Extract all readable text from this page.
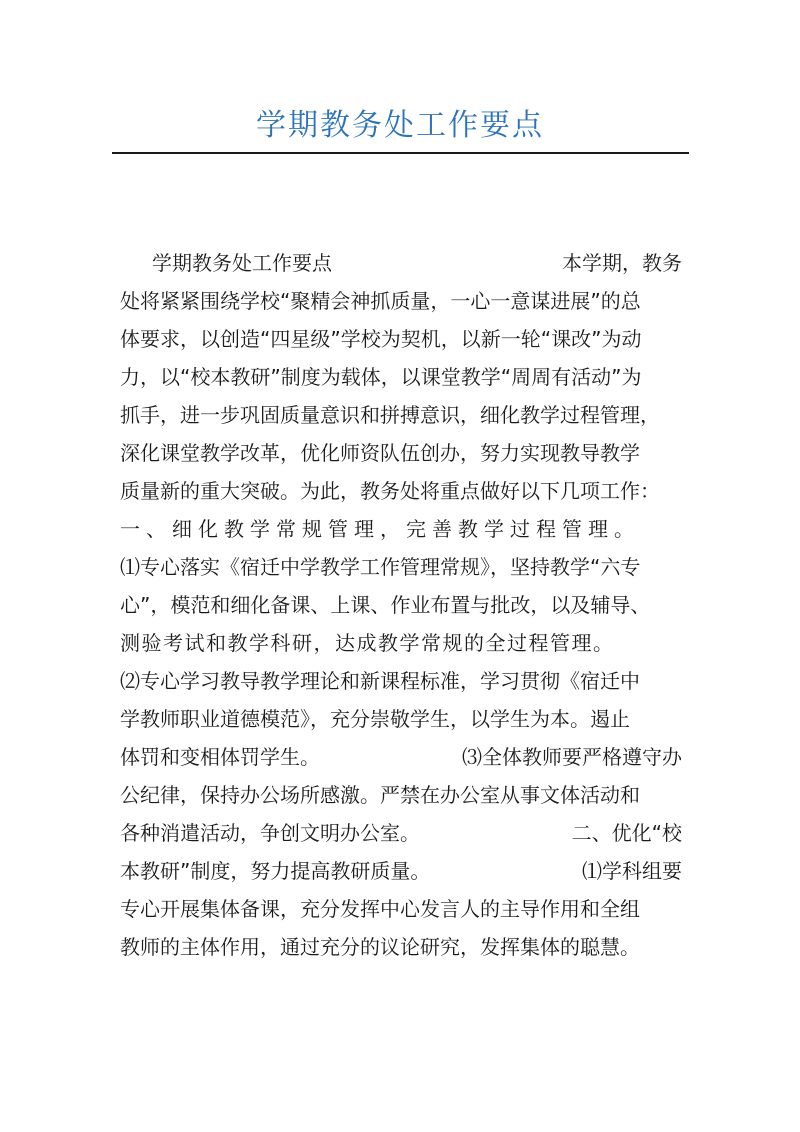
学期教务处工作要点
学期教务处工作要点	本学期，教务
处将紧紧围绕学校“聚精会神抓质量，一心一意谋进展”的总
体要求，以创造“四星级”学校为契机，以新一轮“课改”为动
力，以“校本教研”制度为载体，以课堂教学“周周有活动”为
抓手，进一步巩固质量意识和拼搏意识，细化教学过程管理，
深化课堂教学改革，优化师资队伍创办，努力实现教导教学
质量新的重大突破。为此，教务处将重点做好以下几项工作：
一、细化教学常规管理，完善教学过程管理。
⑴专心落实《宿迁中学教学工作管理常规》，坚持教学“六专
心”，模范和细化备课、上课、作业布置与批改，以及辅导、
测验考试和教学科研，达成教学常规的全过程管理。
⑵专心学习教导教学理论和新课程标准，学习贯彻《宿迁中
学教师职业道德模范》，充分崇敬学生，以学生为本。遏止
体罚和变相体罚学生。	⑶全体教师要严格遵守办
公纪律，保持办公场所感激。严禁在办公室从事文体活动和
各种消遣活动，争创文明办公室。	二、优化“校
本教研”制度，努力提高教研质量。	⑴学科组要
专心开展集体备课，充分发挥中心发言人的主导作用和全组
教师的主体作用，通过充分的议论研究，发挥集体的聪慧。
